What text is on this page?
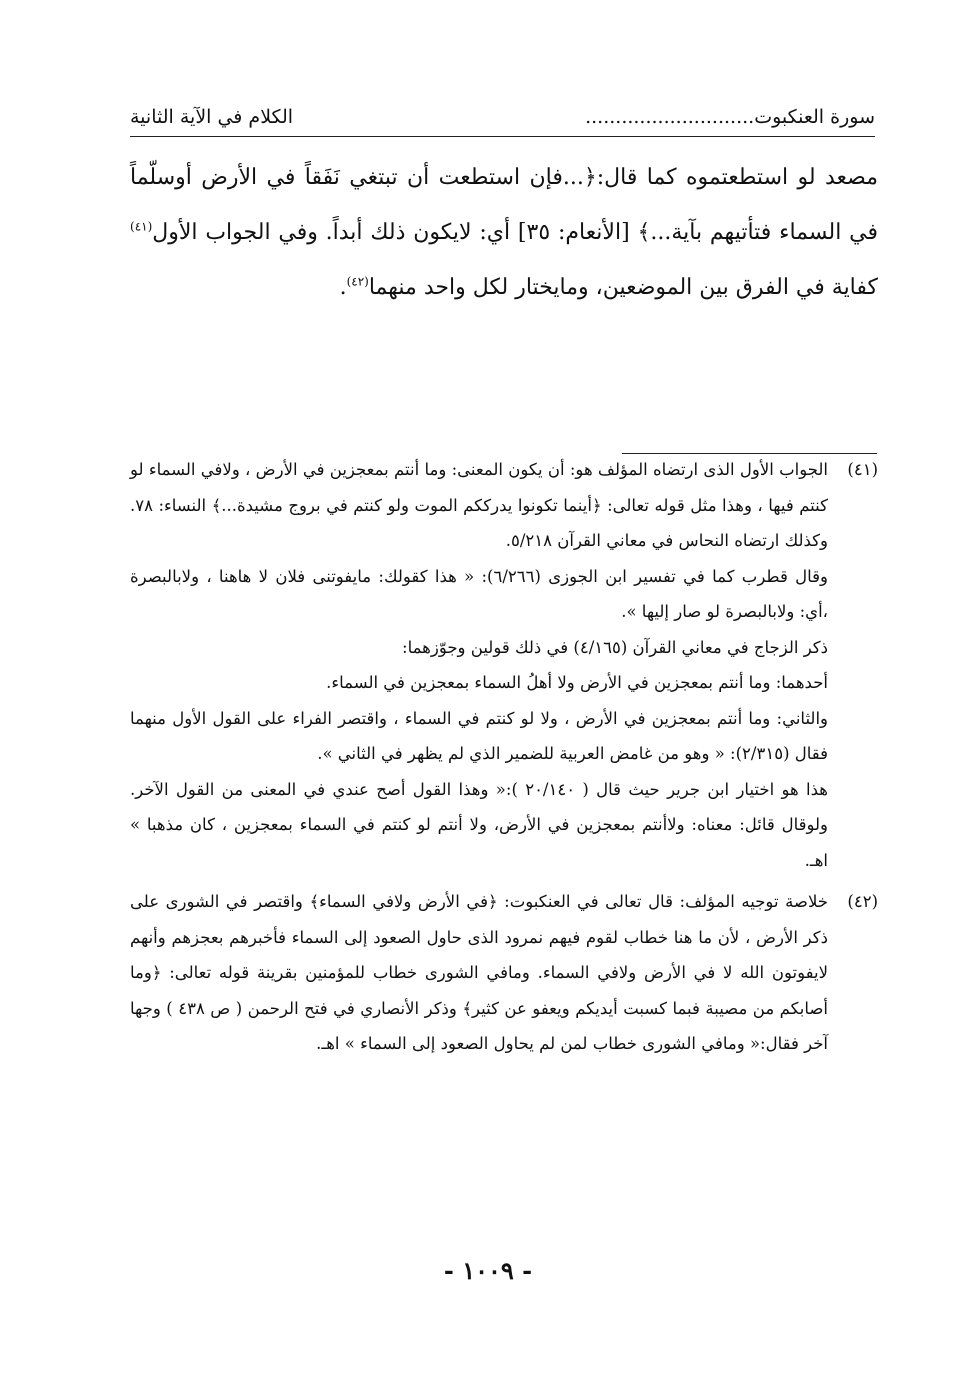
سورة العنكبوت............................
الكلام في الآية الثانية

مصعد لو استطعتموه كما قال:﴿...فإن استطعت أن تبتغي نَفَقاً في الأرض أوسلّماً في السماء فتأتيهم بآية...﴾ [الأنعام: ٣٥] أي: لايكون ذلك أبداً. وفي الجواب الأول$^{(٤١)}$ كفاية في الفرق بين الموضعين، ومايختار لكل واحد منهما$^{(٤٢)}$.

(٤١)

الجواب الأول الذى ارتضاه المؤلف هو: أن يكون المعنى: وما أنتم بمعجزين في الأرض ، ولافي السماء لو كنتم فيها ، وهذا مثل قوله تعالى: ﴿أينما تكونوا يدرككم الموت ولو كنتم في بروج مشيدة...﴾ النساء: ٧٨. وكذلك ارتضاه النحاس في معاني القرآن ٥/٢١٨.

وقال قطرب كما في تفسير ابن الجوزى (٦/٢٦٦): « هذا كقولك: مايفوتنى فلان لا هاهنا ، ولابالبصرة ،أي: ولابالبصرة لو صار إليها ».

ذكر الزجاج في معاني القرآن (٤/١٦٥) في ذلك قولين وجوّزهما:

أحدهما: وما أنتم بمعجزين في الأرض ولا أهلُ السماء بمعجزين في السماء.

والثاني: وما أنتم بمعجزين في الأرض ، ولا لو كنتم في السماء ، واقتصر الفراء على القول الأول منهما فقال (٢/٣١٥): « وهو من غامض العربية للضمير الذي لم يظهر في الثاني ».

هذا هو اختيار ابن جرير حيث قال ( ٢٠/١٤٠ ):« وهذا القول أصح عندي في المعنى من القول الآخر. ولوقال قائل: معناه: ولاأنتم بمعجزين في الأرض، ولا أنتم لو كنتم في السماء بمعجزين ، كان مذهبا » اهـ.

(٤٢)

خلاصة توجيه المؤلف: قال تعالى في العنكبوت: ﴿في الأرض ولافي السماء﴾ واقتصر في الشورى على ذكر الأرض ، لأن ما هنا خطاب لقوم فيهم نمرود الذى حاول الصعود إلى السماء فأخبرهم بعجزهم وأنهم لايفوتون الله لا في الأرض ولافي السماء. ومافي الشورى خطاب للمؤمنين بقرينة قوله تعالى: ﴿وما أصابكم من مصيبة فبما كسبت أيديكم ويعفو عن كثير﴾ وذكر الأنصاري في فتح الرحمن ( ص ٤٣٨ ) وجها آخر فقال:« ومافي الشورى خطاب لمن لم يحاول الصعود إلى السماء » اهـ.

- ١٠٠٩ -
